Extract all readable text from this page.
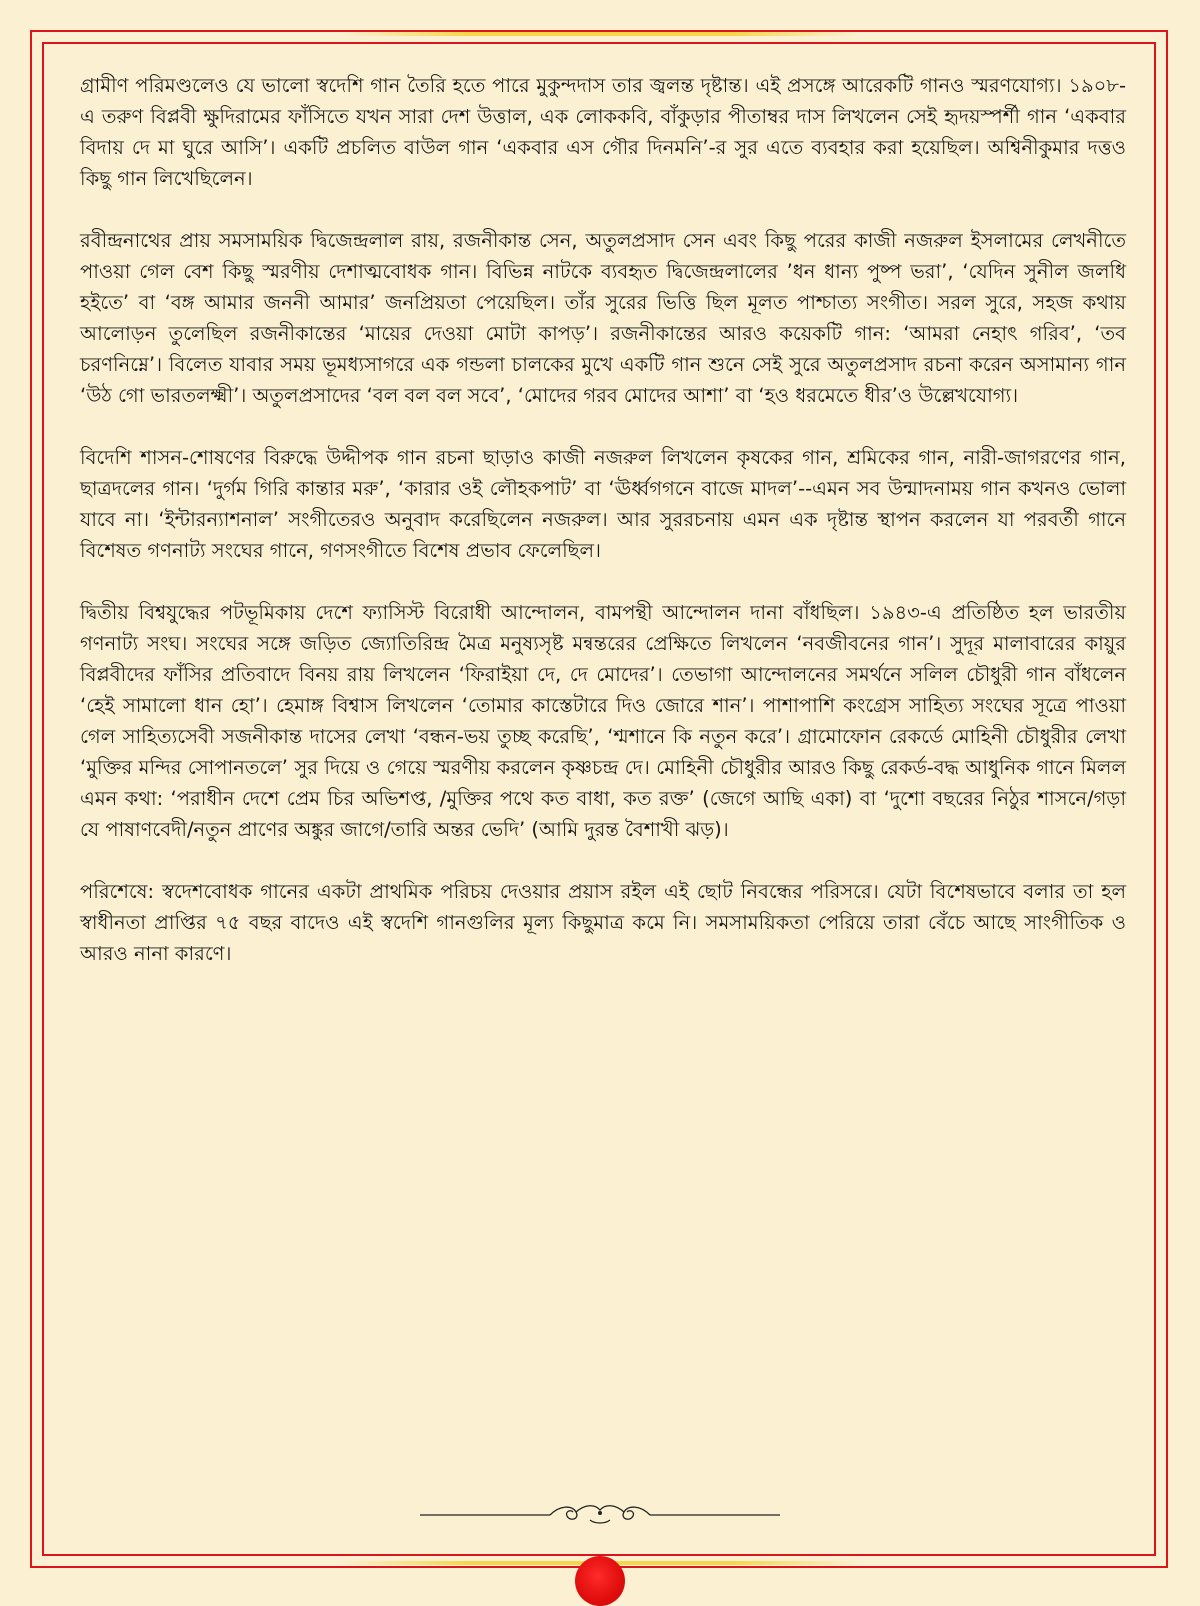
গ্রামীণ পরিমণ্ডলেও যে ভালো স্বদেশি গান তৈরি হতে পারে মুকুন্দদাস তার জ্বলন্ত দৃষ্টান্ত। এই প্রসঙ্গে আরেকটি গানও স্মরণযোগ্য। ১৯০৮-এ তরুণ বিপ্লবী ক্ষুদিরামের ফাঁসিতে যখন সারা দেশ উত্তাল, এক লোককবি, বাঁকুড়ার পীতাম্বর দাস লিখলেন সেই হৃদয়স্পর্শী গান ‘একবার বিদায় দে মা ঘুরে আসি’। একটি প্রচলিত বাউল গান ‘একবার এস গৌর দিনমনি’-র সুর এতে ব্যবহার করা হয়েছিল। অশ্বিনীকুমার দত্তও কিছু গান লিখেছিলেন।

রবীন্দ্রনাথের প্রায় সমসাময়িক দ্বিজেন্দ্রলাল রায়, রজনীকান্ত সেন, অতুলপ্রসাদ সেন এবং কিছু পরের কাজী নজরুল ইসলামের লেখনীতে পাওয়া গেল বেশ কিছু স্মরণীয় দেশাত্মবোধক গান। বিভিন্ন নাটকে ব্যবহৃত দ্বিজেন্দ্রলালের ’ধন ধান্য পুষ্প ভরা’, ‘যেদিন সুনীল জলধি হইতে’ বা ‘বঙ্গ আমার জননী আমার’ জনপ্রিয়তা পেয়েছিল। তাঁর সুরের ভিত্তি ছিল মূলত পাশ্চাত্য সংগীত। সরল সুরে, সহজ কথায় আলোড়ন তুলেছিল রজনীকান্তের ‘মায়ের দেওয়া মোটা কাপড়’। রজনীকান্তের আরও কয়েকটি গান: ‘আমরা নেহাৎ গরিব’, ‘তব চরণনিম্নে’। বিলেত যাবার সময় ভূমধ্যসাগরে এক গন্ডলা চালকের মুখে একটি গান শুনে সেই সুরে অতুলপ্রসাদ রচনা করেন অসামান্য গান ‘উঠ গো ভারতলক্ষ্মী’। অতুলপ্রসাদের ‘বল বল বল সবে’, ‘মোদের গরব মোদের আশা’ বা ‘হও ধরমেতে ধীর’ও উল্লেখযোগ্য।

বিদেশি শাসন-শোষণের বিরুদ্ধে উদ্দীপক গান রচনা ছাড়াও কাজী নজরুল লিখলেন কৃষকের গান, শ্রমিকের গান, নারী-জাগরণের গান, ছাত্রদলের গান। ‘দুর্গম গিরি কান্তার মরু’, ‘কারার ওই লৌহকপাট’ বা ‘ঊর্ধ্বগগনে বাজে মাদল’--এমন সব উন্মাদনাময় গান কখনও ভোলা যাবে না। ‘ইন্টারন্যাশনাল’ সংগীতেরও অনুবাদ করেছিলেন নজরুল। আর সুররচনায় এমন এক দৃষ্টান্ত স্থাপন করলেন যা পরবর্তী গানে বিশেষত গণনাট্য সংঘের গানে, গণসংগীতে বিশেষ প্রভাব ফেলেছিল।

দ্বিতীয় বিশ্বযুদ্ধের পটভূমিকায় দেশে ফ্যাসিস্ট বিরোধী আন্দোলন, বামপন্থী আন্দোলন দানা বাঁধছিল। ১৯৪৩-এ প্রতিষ্ঠিত হল ভারতীয় গণনাট্য সংঘ। সংঘের সঙ্গে জড়িত জ্যোতিরিন্দ্র মৈত্র মনুষ্যসৃষ্ট মন্বন্তরের প্রেক্ষিতে লিখলেন ‘নবজীবনের গান’। সুদূর মালাবারের কায়ুর বিপ্লবীদের ফাঁসির প্রতিবাদে বিনয় রায় লিখলেন ‘ফিরাইয়া দে, দে মোদের’। তেভাগা আন্দোলনের সমর্থনে সলিল চৌধুরী গান বাঁধলেন ‘হেই সামালো ধান হো’। হেমাঙ্গ বিশ্বাস লিখলেন ‘তোমার কাস্তেটারে দিও জোরে শান’। পাশাপাশি কংগ্রেস সাহিত্য সংঘের সূত্রে পাওয়া গেল সাহিত্যসেবী সজনীকান্ত দাসের লেখা ‘বন্ধন-ভয় তুচ্ছ করেছি’, ‘শ্মশানে কি নতুন করে’। গ্রামোফোন রেকর্ডে মোহিনী চৌধুরীর লেখা ‘মুক্তির মন্দির সোপানতলে’ সুর দিয়ে ও গেয়ে স্মরণীয় করলেন কৃষ্ণচন্দ্র দে। মোহিনী চৌধুরীর আরও কিছু রেকর্ড-বদ্ধ আধুনিক গানে মিলল এমন কথা: ‘পরাধীন দেশে প্রেম চির অভিশপ্ত, /মুক্তির পথে কত বাধা, কত রক্ত’ (জেগে আছি একা) বা ‘দুশো বছরের নিঠুর শাসনে/গড়া যে পাষাণবেদী/নতুন প্রাণের অঙ্কুর জাগে/তারি অন্তর ভেদি’ (আমি দুরন্ত বৈশাখী ঝড়)।

পরিশেষে: স্বদেশবোধক গানের একটা প্রাথমিক পরিচয় দেওয়ার প্রয়াস রইল এই ছোট নিবন্ধের পরিসরে। যেটা বিশেষভাবে বলার তা হল স্বাধীনতা প্রাপ্তির ৭৫ বছর বাদেও এই স্বদেশি গানগুলির মূল্য কিছুমাত্র কমে নি। সমসাময়িকতা পেরিয়ে তারা বেঁচে আছে সাংগীতিক ও আরও নানা কারণে।
